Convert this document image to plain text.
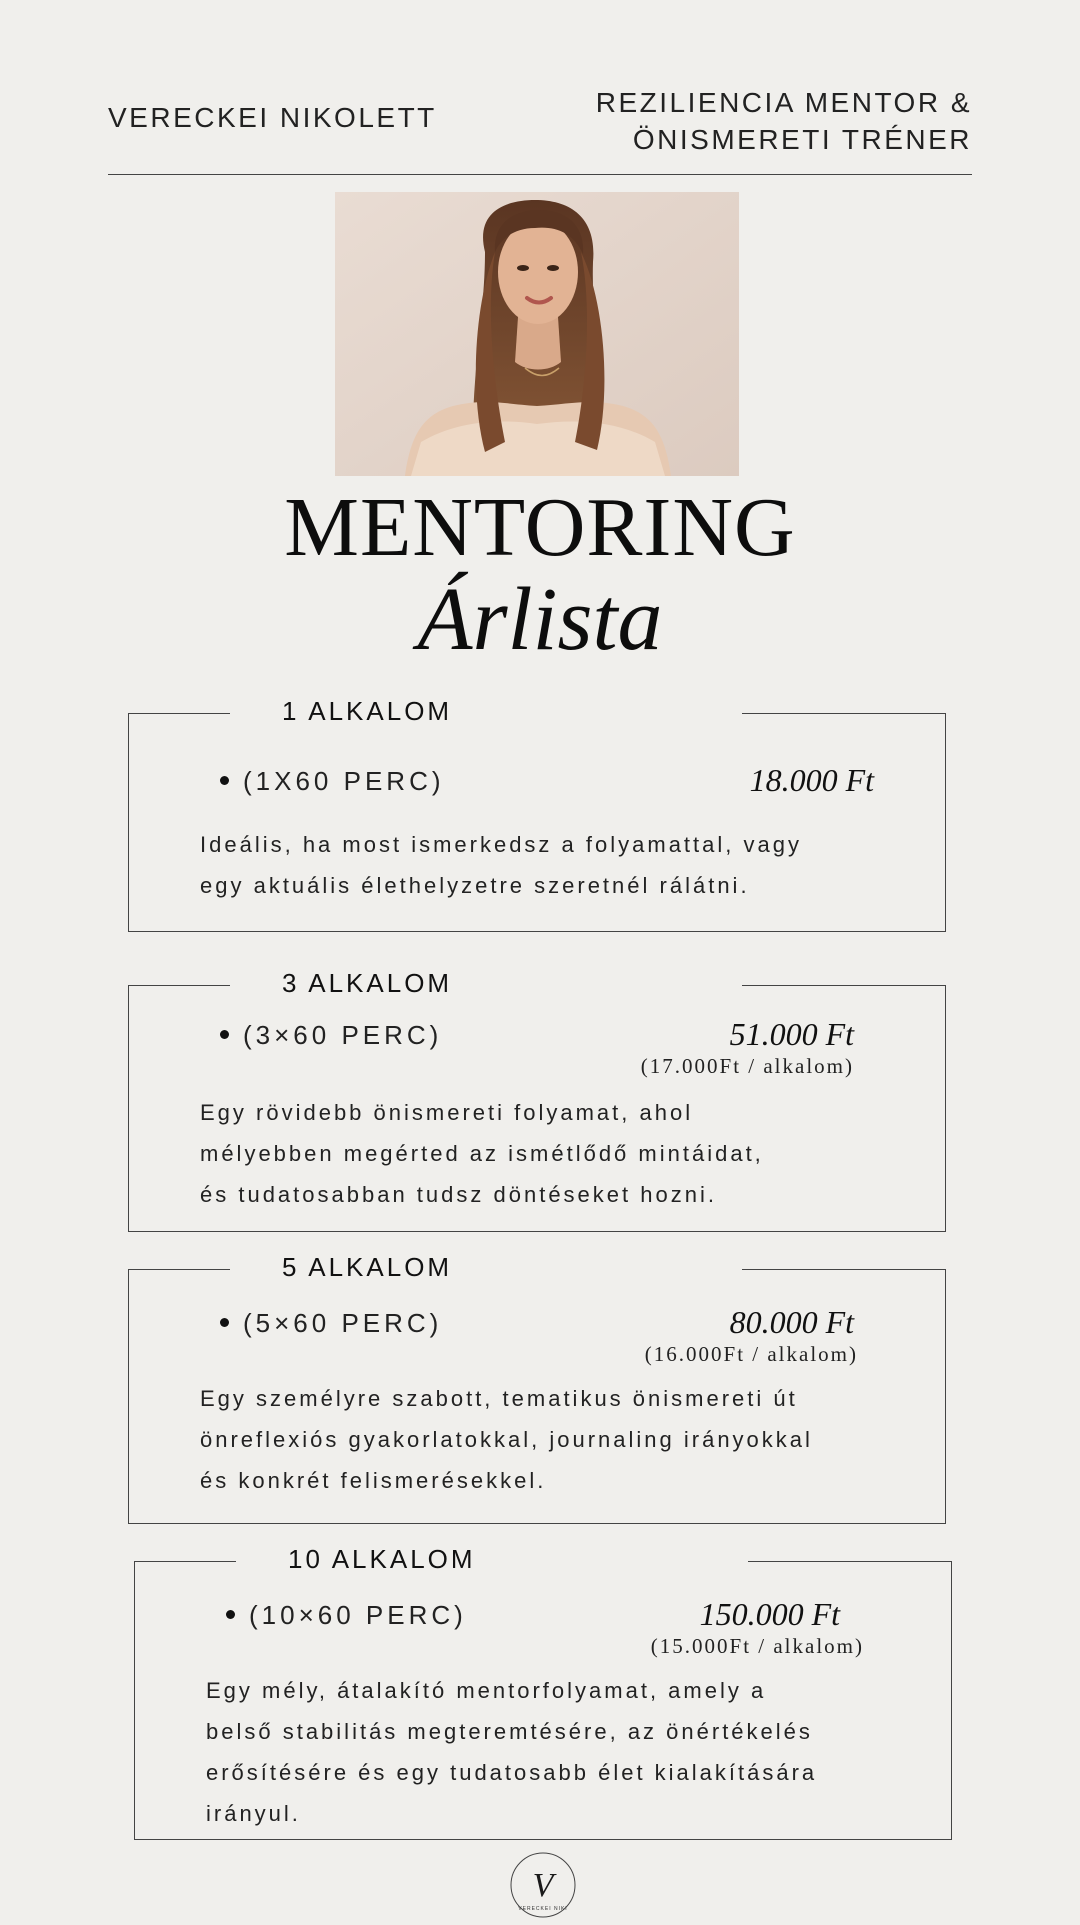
VERECKEI NIKOLETT	REZILIENCIA MENTOR &
ÖNISMERETI TRÉNER
MENTORING
Árlista
1 ALKALOM
(1X60 PERC)	18.000 Ft
Ideális, ha most ismerkedsz a folyamattal, vagy
egy aktuális élethelyzetre szeretnél rálátni.
3 ALKALOM
(3×60 PERC)	51.000 Ft
(17.000Ft / alkalom)
Egy rövidebb önismereti folyamat, ahol
mélyebben megérted az ismétlődő mintáidat,
és tudatosabban tudsz döntéseket hozni.
5 ALKALOM
(5×60 PERC)	80.000 Ft
(16.000Ft / alkalom)
Egy személyre szabott, tematikus önismereti út
önreflexiós gyakorlatokkal, journaling irányokkal
és konkrét felismerésekkel.
10 ALKALOM
(10×60 PERC)	150.000 Ft
(15.000Ft / alkalom)
Egy mély, átalakító mentorfolyamat, amely a
belső stabilitás megteremtésére, az önértékelés
erősítésére és egy tudatosabb élet kialakítására
irányul.
V
VERECKEI NIKI
